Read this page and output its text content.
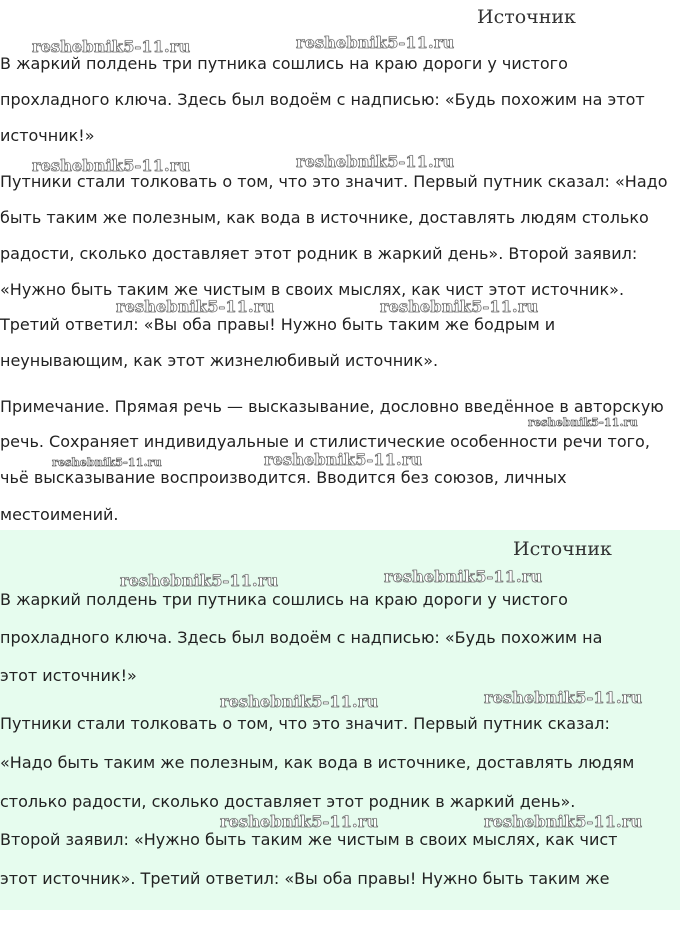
Источник
В жаркий полдень три путника сошлись на краю дороги у чистого
прохладного ключа. Здесь был водоём с надписью: «Будь похожим на этот
источник!»
Путники стали толковать о том, что это значит. Первый путник сказал: «Надо
быть таким же полезным, как вода в источнике, доставлять людям столько
радости, сколько доставляет этот родник в жаркий день». Второй заявил:
«Нужно быть таким же чистым в своих мыслях, как чист этот источник».
Третий ответил: «Вы оба правы! Нужно быть таким же бодрым и
неунывающим, как этот жизнелюбивый источник».
Примечание. Прямая речь — высказывание, дословно введённое в авторскую
речь. Сохраняет индивидуальные и стилистические особенности речи того,
чьё высказывание воспроизводится. Вводится без союзов, личных
местоимений.
reshebnik5-11.ru	reshebnik5-11.ru
reshebnik5-11.ru	reshebnik5-11.ru
reshebnik5-11.ru	reshebnik5-11.ru
reshebnik5-11.ru
reshebnik5-11.ru	reshebnik5-11.ru
Источник
В жаркий полдень три путника сошлись на краю дороги у чистого
прохладного ключа. Здесь был водоём с надписью: «Будь похожим на
этот источник!»
Путники стали толковать о том, что это значит. Первый путник сказал:
«Надо быть таким же полезным, как вода в источнике, доставлять людям
столько радости, сколько доставляет этот родник в жаркий день».
Второй заявил: «Нужно быть таким же чистым в своих мыслях, как чист
этот источник». Третий ответил: «Вы оба правы! Нужно быть таким же
reshebnik5-11.ru	reshebnik5-11.ru
reshebnik5-11.ru	reshebnik5-11.ru
reshebnik5-11.ru	reshebnik5-11.ru
